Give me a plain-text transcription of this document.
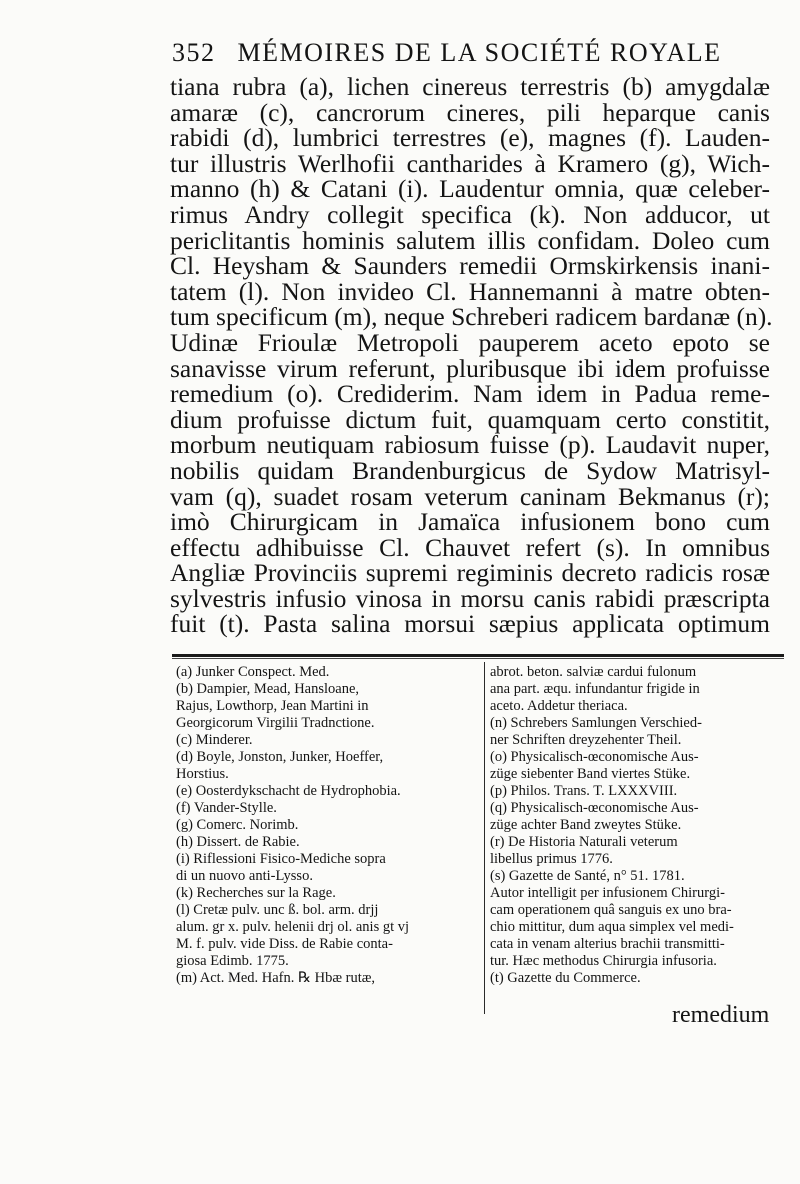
352 MÉMOIRES DE LA SOCIÉTÉ ROYALE
tiana rubra (a), lichen cinereus terrestris (b) amygdalæ
amaræ (c), cancrorum cineres, pili heparque canis
rabidi (d), lumbrici terrestres (e), magnes (f). Lauden-
tur illustris Werlhofii cantharides à Kramero (g), Wich-
manno (h) & Catani (i). Laudentur omnia, quæ celeber-
rimus Andry collegit specifica (k). Non adducor, ut
periclitantis hominis salutem illis confidam. Doleo cum
Cl. Heysham & Saunders remedii Ormskirkensis inani-
tatem (l). Non invideo Cl. Hannemanni à matre obten-
tum specificum (m), neque Schreberi radicem bardanæ (n).
Udinæ Frioulæ Metropoli pauperem aceto epoto se
sanavisse virum referunt, pluribusque ibi idem profuisse
remedium (o). Crediderim. Nam idem in Padua reme-
dium profuisse dictum fuit, quamquam certo constitit,
morbum neutiquam rabiosum fuisse (p). Laudavit nuper,
nobilis quidam Brandenburgicus de Sydow Matrisyl-
vam (q), suadet rosam veterum caninam Bekmanus (r);
imò Chirurgicam in Jamaïca infusionem bono cum
effectu adhibuisse Cl. Chauvet refert (s). In omnibus
Angliæ Provinciis supremi regiminis decreto radicis rosæ
sylvestris infusio vinosa in morsu canis rabidi præscripta
fuit (t). Pasta salina morsui sæpius applicata optimum
(a) Junker Conspect. Med.
(b) Dampier, Mead, Hansloane,
Rajus, Lowthorp, Jean Martini in
Georgicorum Virgilii Tradnctione.
(c) Minderer.
(d) Boyle, Jonston, Junker, Hoeffer,
Horstius.
(e) Oosterdykschacht de Hydrophobia.
(f) Vander-Stylle.
(g) Comerc. Norimb.
(h) Dissert. de Rabie.
(i) Riflessioni Fisico-Mediche sopra
di un nuovo anti-Lysso.
(k) Recherches sur la Rage.
(l) Cretæ pulv. unc ß. bol. arm. drjj
alum. gr x. pulv. helenii drj ol. anis gt vj
M. f. pulv. vide Diss. de Rabie conta-
giosa Edimb. 1775.
(m) Act. Med. Hafn. ℞ Hbæ rutæ,
abrot. beton. salviæ cardui fulonum
ana part. æqu. infundantur frigide in
aceto. Addetur theriaca.
(n) Schrebers Samlungen Verschied-
ner Schriften dreyzehenter Theil.
(o) Physicalisch-œconomische Aus-
züge siebenter Band viertes Stüke.
(p) Philos. Trans. T. LXXXVIII.
(q) Physicalisch-œconomische Aus-
züge achter Band zweytes Stüke.
(r) De Historia Naturali veterum
libellus primus 1776.
(s) Gazette de Santé, n° 51. 1781.
Autor intelligit per infusionem Chirurgi-
cam operationem quâ sanguis ex uno bra-
chio mittitur, dum aqua simplex vel medi-
cata in venam alterius brachii transmitti-
tur. Hæc methodus Chirurgia infusoria.
(t) Gazette du Commerce.
remedium
